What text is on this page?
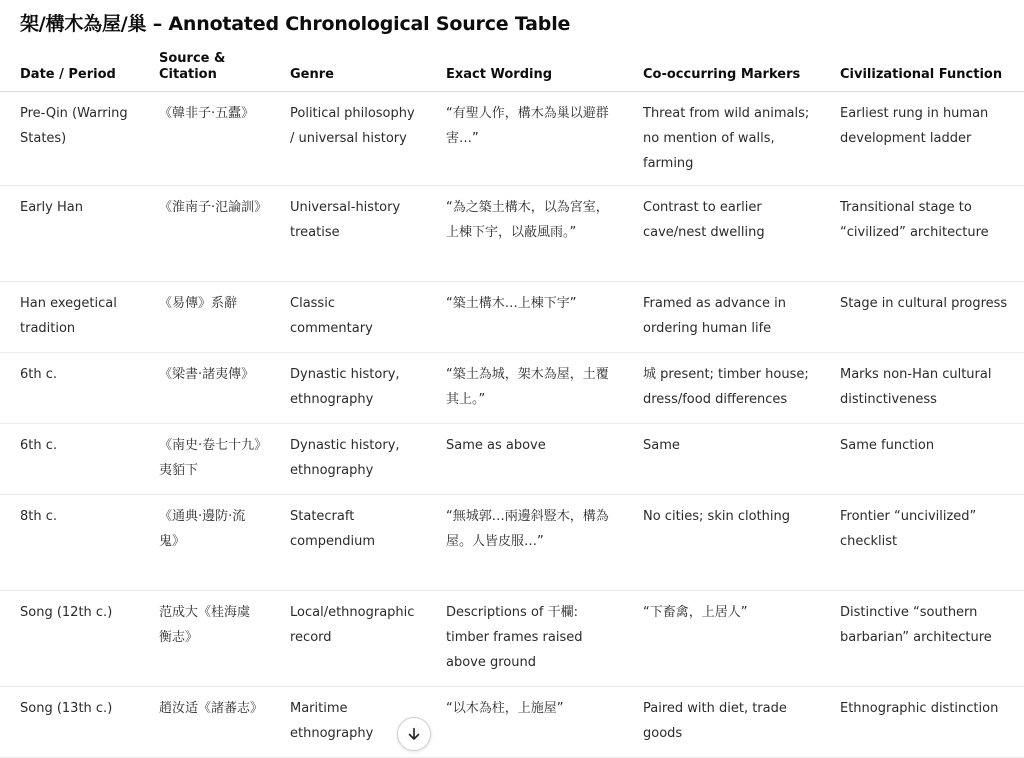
架/構木為屋/巢 – Annotated Chronological Source Table
Date / Period	Source & Citation	Genre	Exact Wording	Co-occurring Markers	Civilizational Function
Pre-Qin (Warring States)	《韓非子·五蠹》	Political philosophy / universal history	“有聖人作，構木為巢以避群害…”	Threat from wild animals; no mention of walls, farming	Earliest rung in human development ladder
Early Han	《淮南子·氾論訓》	Universal-history treatise	“為之築土構木，以為宮室，上棟下宇，以蔽風雨。”	Contrast to earlier cave/nest dwelling	Transitional stage to “civilized” architecture
Han exegetical tradition	《易傳》系辭	Classic commentary	“築土構木…上棟下宇”	Framed as advance in ordering human life	Stage in cultural progress
6th c.	《梁書·諸夷傳》	Dynastic history, ethnography	“築土為城，架木為屋，土覆其上。”	城 present; timber house; dress/food differences	Marks non-Han cultural distinctiveness
6th c.	《南史·卷七十九》夷貊下	Dynastic history, ethnography	Same as above	Same	Same function
8th c.	《通典·邊防·流鬼》	Statecraft compendium	“無城郭…兩邊斜豎木，構為屋。人皆皮服…”	No cities; skin clothing	Frontier “uncivilized” checklist
Song (12th c.)	范成大《桂海虞衡志》	Local/ethnographic record	Descriptions of 干欄: timber frames raised above ground	“下畜禽，上居人”	Distinctive “southern barbarian” architecture
Song (13th c.)	趙汝适《諸蕃志》	Maritime ethnography	“以木為柱，上施屋”	Paired with diet, trade goods	Ethnographic distinction
